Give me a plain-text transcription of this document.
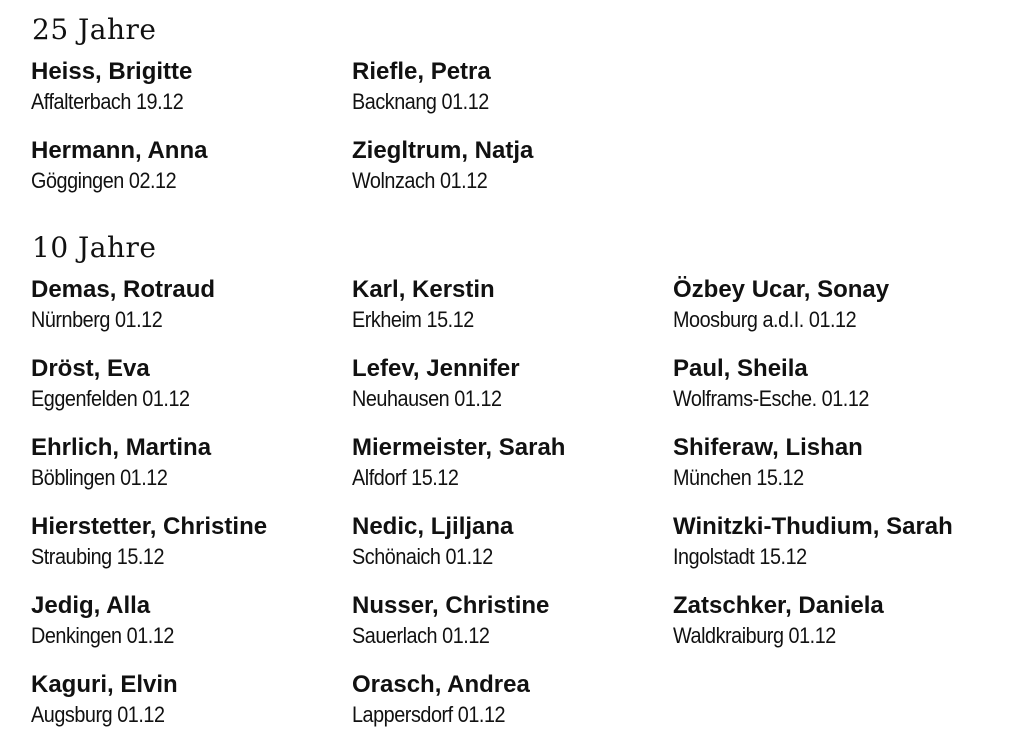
25 Jahre
Heiss, Brigitte
Affalterbach 19.12
Riefle, Petra
Backnang 01.12
Hermann, Anna
Göggingen 02.12
Ziegltrum, Natja
Wolnzach 01.12
10 Jahre
Demas, Rotraud
Nürnberg 01.12
Karl, Kerstin
Erkheim 15.12
Özbey Ucar, Sonay
Moosburg a.d.I. 01.12
Dröst, Eva
Eggenfelden 01.12
Lefev, Jennifer
Neuhausen 01.12
Paul, Sheila
Wolframs-Esche. 01.12
Ehrlich, Martina
Böblingen 01.12
Miermeister, Sarah
Alfdorf 15.12
Shiferaw, Lishan
München 15.12
Hierstetter, Christine
Straubing 15.12
Nedic, Ljiljana
Schönaich 01.12
Winitzki-Thudium, Sarah
Ingolstadt 15.12
Jedig, Alla
Denkingen 01.12
Nusser, Christine
Sauerlach 01.12
Zatschker, Daniela
Waldkraiburg 01.12
Kaguri, Elvin
Augsburg 01.12
Orasch, Andrea
Lappersdorf 01.12
